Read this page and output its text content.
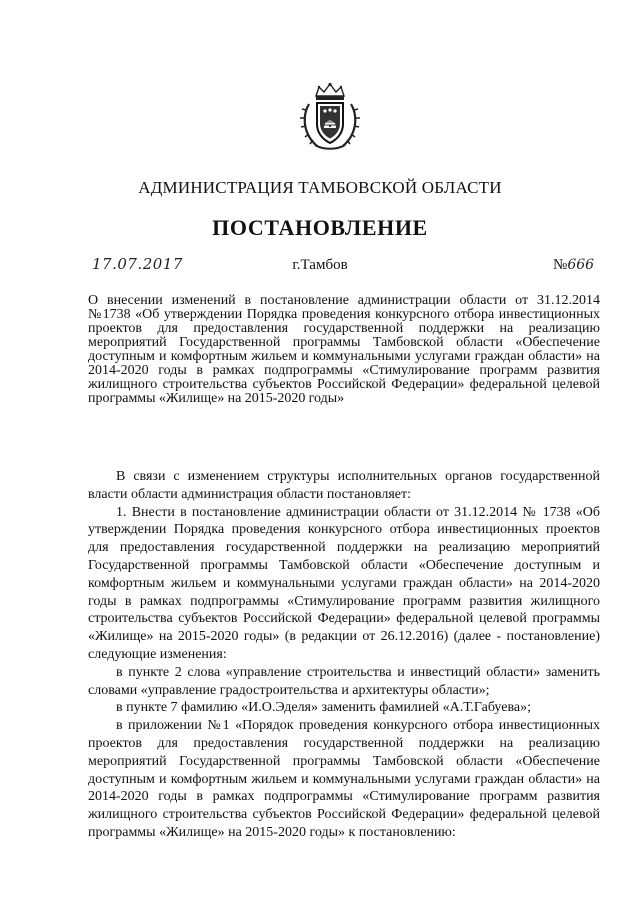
АДМИНИСТРАЦИЯ ТАМБОВСКОЙ ОБЛАСТИ
ПОСТАНОВЛЕНИЕ
17.07.2017	г.Тамбов	№666
О внесении изменений в постановление администрации области от 31.12.2014 №1738 «Об утверждении Порядка проведения конкурсного отбора инвестиционных проектов для предоставления государственной поддержки на реализацию мероприятий Государственной программы Тамбовской области «Обеспечение доступным и комфортным жильем и коммунальными услугами граждан области» на 2014-2020 годы в рамках подпрограммы «Стимулирование программ развития жилищного строительства субъектов Российской Федерации» федеральной целевой программы «Жилище» на 2015-2020 годы»

В связи с изменением структуры исполнительных органов государственной власти области администрация области постановляет:

1. Внести в постановление администрации области от 31.12.2014 № 1738 «Об утверждении Порядка проведения конкурсного отбора инвестиционных проектов для предоставления государственной поддержки на реализацию мероприятий Государственной программы Тамбовской области «Обеспечение доступным и комфортным жильем и коммунальными услугами граждан области» на 2014-2020 годы в рамках подпрограммы «Стимулирование программ развития жилищного строительства субъектов Российской Федерации» федеральной целевой программы «Жилище» на 2015-2020 годы» (в редакции от 26.12.2016) (далее - постановление) следующие изменения:

в пункте 2 слова «управление строительства и инвестиций области» заменить словами «управление градостроительства и архитектуры области»;

в пункте 7 фамилию «И.О.Эделя» заменить фамилией «А.Т.Габуева»;

в приложении №1 «Порядок проведения конкурсного отбора инвестиционных проектов для предоставления государственной поддержки на реализацию мероприятий Государственной программы Тамбовской области «Обеспечение доступным и комфортным жильем и коммунальными услугами граждан области» на 2014-2020 годы в рамках подпрограммы «Стимулирование программ развития жилищного строительства субъектов Российской Федерации» федеральной целевой программы «Жилище» на 2015-2020 годы» к постановлению:
